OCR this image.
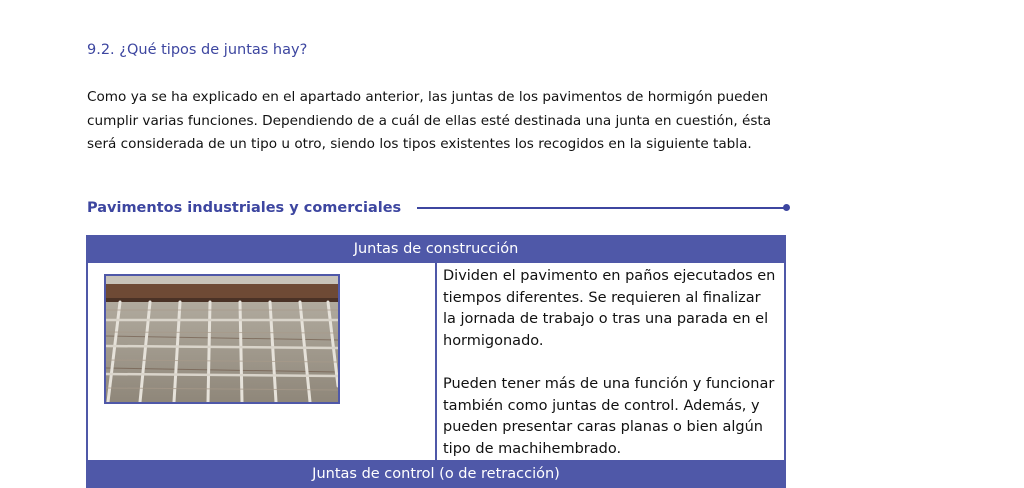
9.2. ¿Qué tipos de juntas hay?

Como ya se ha explicado en el apartado anterior, las juntas de los pavimentos de hormigón pueden cumplir varias funciones. Dependiendo de a cuál de ellas esté destinada una junta en cuestión, ésta será considerada de un tipo u otro, siendo los tipos existentes los recogidos en la siguiente tabla.

Pavimentos industriales y comerciales
Juntas de construcción

Dividen el pavimento en paños ejecutados en tiempos diferentes. Se requieren al finalizar la jornada de trabajo o tras una parada en el hormigonado.

Pueden tener más de una función y funcionar también como juntas de control. Además, y pueden presentar caras planas o bien algún tipo de machihembrado.

Juntas de control (o de retracción)
